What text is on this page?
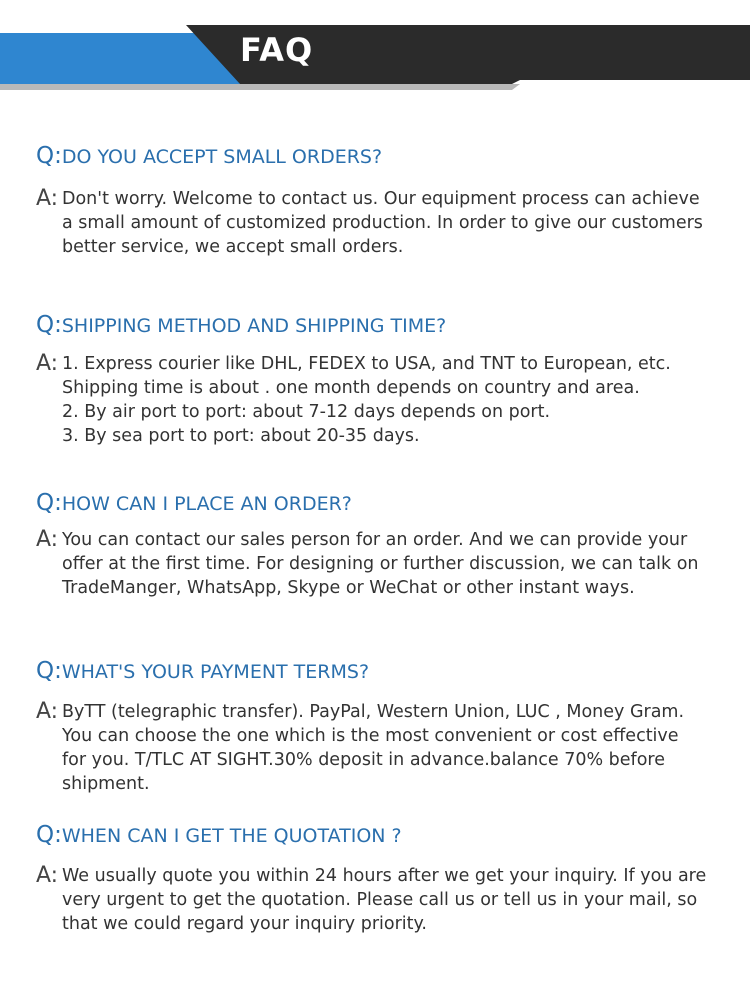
FAQ
Q: DO YOU ACCEPT SMALL ORDERS?
A: Don't worry. Welcome to contact us. Our equipment process can achieve
a small amount of customized production. In order to give our customers
better service, we accept small orders.
Q: SHIPPING METHOD AND SHIPPING TIME?
A: 1. Express courier like DHL, FEDEX to USA, and TNT to European, etc.
Shipping time is about . one month depends on country and area.
2. By air port to port: about 7-12 days depends on port.
3. By sea port to port: about 20-35 days.
Q: HOW CAN I PLACE AN ORDER?
A: You can contact our sales person for an order. And we can provide your
offer at the first time. For designing or further discussion, we can talk on
TradeManger, WhatsApp, Skype or WeChat or other instant ways.
Q: WHAT'S YOUR PAYMENT TERMS?
A: ByTT (telegraphic transfer). PayPal, Western Union, LUC , Money Gram.
You can choose the one which is the most convenient or cost effective
for you. T/TLC AT SIGHT.30% deposit in advance.balance 70% before
shipment.
Q: WHEN CAN I GET THE QUOTATION ?
A: We usually quote you within 24 hours after we get your inquiry. If you are
very urgent to get the quotation. Please call us or tell us in your mail, so
that we could regard your inquiry priority.
